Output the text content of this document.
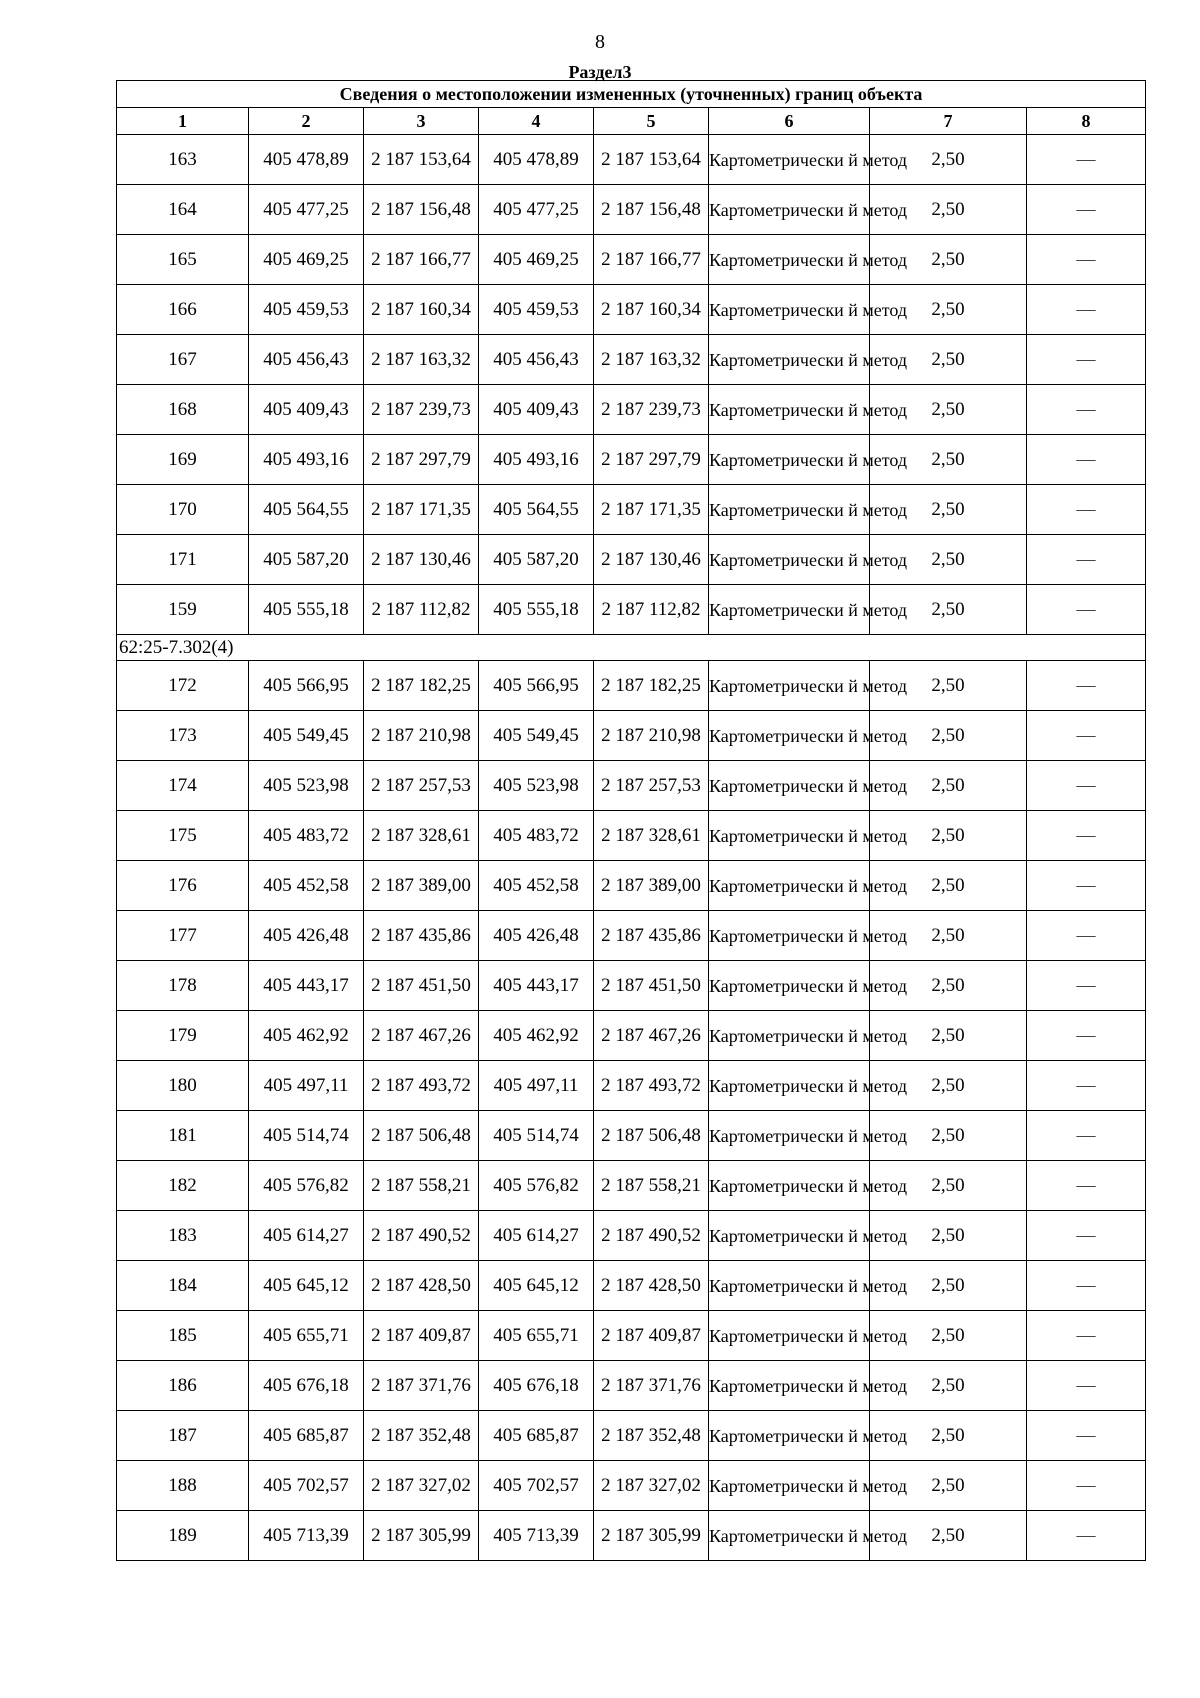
8
Раздел3
Сведения о местоположении измененных (уточненных) границ объекта							
1	2	3	4	5	6	7	8
163	405 478,89	2 187 153,64	405 478,89	2 187 153,64	Картометрически й метод	2,50	—
164	405 477,25	2 187 156,48	405 477,25	2 187 156,48	Картометрически й метод	2,50	—
165	405 469,25	2 187 166,77	405 469,25	2 187 166,77	Картометрически й метод	2,50	—
166	405 459,53	2 187 160,34	405 459,53	2 187 160,34	Картометрически й метод	2,50	—
167	405 456,43	2 187 163,32	405 456,43	2 187 163,32	Картометрически й метод	2,50	—
168	405 409,43	2 187 239,73	405 409,43	2 187 239,73	Картометрически й метод	2,50	—
169	405 493,16	2 187 297,79	405 493,16	2 187 297,79	Картометрически й метод	2,50	—
170	405 564,55	2 187 171,35	405 564,55	2 187 171,35	Картометрически й метод	2,50	—
171	405 587,20	2 187 130,46	405 587,20	2 187 130,46	Картометрически й метод	2,50	—
159	405 555,18	2 187 112,82	405 555,18	2 187 112,82	Картометрически й метод	2,50	—
62:25-7.302(4)							
172	405 566,95	2 187 182,25	405 566,95	2 187 182,25	Картометрически й метод	2,50	—
173	405 549,45	2 187 210,98	405 549,45	2 187 210,98	Картометрически й метод	2,50	—
174	405 523,98	2 187 257,53	405 523,98	2 187 257,53	Картометрически й метод	2,50	—
175	405 483,72	2 187 328,61	405 483,72	2 187 328,61	Картометрически й метод	2,50	—
176	405 452,58	2 187 389,00	405 452,58	2 187 389,00	Картометрически й метод	2,50	—
177	405 426,48	2 187 435,86	405 426,48	2 187 435,86	Картометрически й метод	2,50	—
178	405 443,17	2 187 451,50	405 443,17	2 187 451,50	Картометрически й метод	2,50	—
179	405 462,92	2 187 467,26	405 462,92	2 187 467,26	Картометрически й метод	2,50	—
180	405 497,11	2 187 493,72	405 497,11	2 187 493,72	Картометрически й метод	2,50	—
181	405 514,74	2 187 506,48	405 514,74	2 187 506,48	Картометрически й метод	2,50	—
182	405 576,82	2 187 558,21	405 576,82	2 187 558,21	Картометрически й метод	2,50	—
183	405 614,27	2 187 490,52	405 614,27	2 187 490,52	Картометрически й метод	2,50	—
184	405 645,12	2 187 428,50	405 645,12	2 187 428,50	Картометрически й метод	2,50	—
185	405 655,71	2 187 409,87	405 655,71	2 187 409,87	Картометрически й метод	2,50	—
186	405 676,18	2 187 371,76	405 676,18	2 187 371,76	Картометрически й метод	2,50	—
187	405 685,87	2 187 352,48	405 685,87	2 187 352,48	Картометрически й метод	2,50	—
188	405 702,57	2 187 327,02	405 702,57	2 187 327,02	Картометрически й метод	2,50	—
189	405 713,39	2 187 305,99	405 713,39	2 187 305,99	Картометрически й метод	2,50	—
